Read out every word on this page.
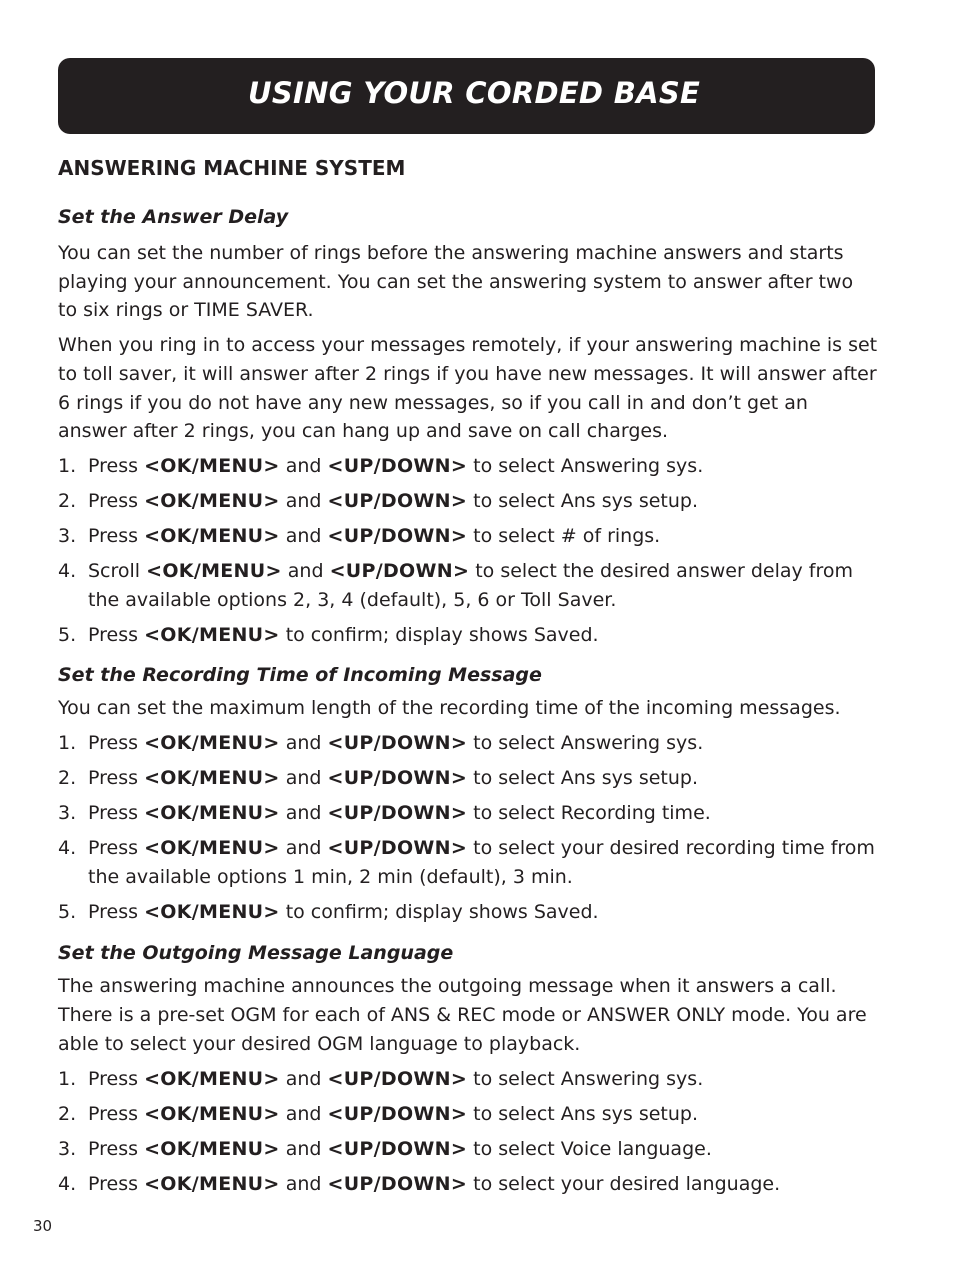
USING YOUR CORDED BASE
ANSWERING MACHINE SYSTEM
Set the Answer Delay

You can set the number of rings before the answering machine answers and starts playing your announcement. You can set the answering system to answer after two to six rings or TIME SAVER.

When you ring in to access your messages remotely, if your answering machine is set to toll saver, it will answer after 2 rings if you have new messages. It will answer after 6 rings if you do not have any new messages, so if you call in and don’t get an answer after 2 rings, you can hang up and save on call charges.

1. Press <OK/MENU> and <UP/DOWN> to select Answering sys.
2. Press <OK/MENU> and <UP/DOWN> to select Ans sys setup.
3. Press <OK/MENU> and <UP/DOWN> to select # of rings.
4. Scroll <OK/MENU> and <UP/DOWN> to select the desired answer delay from the available options 2, 3, 4 (default), 5, 6 or Toll Saver.
5. Press <OK/MENU> to confirm; display shows Saved.
Set the Recording Time of Incoming Message

You can set the maximum length of the recording time of the incoming messages.

1. Press <OK/MENU> and <UP/DOWN> to select Answering sys.
2. Press <OK/MENU> and <UP/DOWN> to select Ans sys setup.
3. Press <OK/MENU> and <UP/DOWN> to select Recording time.
4. Press <OK/MENU> and <UP/DOWN> to select your desired recording time from the available options 1 min, 2 min (default), 3 min.
5. Press <OK/MENU> to confirm; display shows Saved.
Set the Outgoing Message Language

The answering machine announces the outgoing message when it answers a call. There is a pre-set OGM for each of ANS & REC mode or ANSWER ONLY mode. You are able to select your desired OGM language to playback.

1. Press <OK/MENU> and <UP/DOWN> to select Answering sys.
2. Press <OK/MENU> and <UP/DOWN> to select Ans sys setup.
3. Press <OK/MENU> and <UP/DOWN> to select Voice language.
4. Press <OK/MENU> and <UP/DOWN> to select your desired language.
30
